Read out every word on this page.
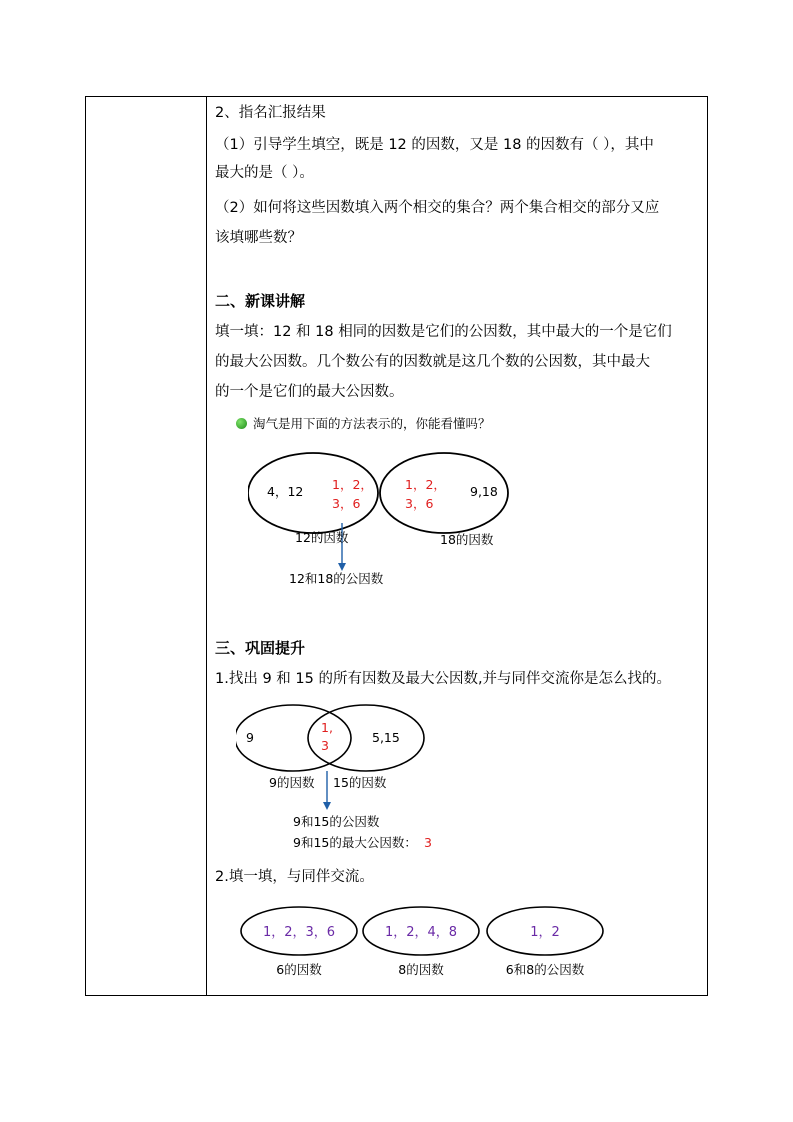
2、指名汇报结果
（1）引导学生填空，既是 12 的因数，又是 18 的因数有（ ），其中
最大的是（ ）。
（2）如何将这些因数填入两个相交的集合？两个集合相交的部分又应
该填哪些数？
二、新课讲解
填一填：12 和 18 相同的因数是它们的公因数，其中最大的一个是它们
的最大公因数。几个数公有的因数就是这几个数的公因数，其中最大
的一个是它们的最大公因数。
淘气是用下面的方法表示的，你能看懂吗？
4，12 1，2，
3，6
1，2，
3，6
9,18
12的因数	18的因数
12和18的公因数
三、巩固提升
1.找出 9 和 15 的所有因数及最大公因数,并与同伴交流你是怎么找的。
9
1,
3
5,15
9的因数 15的因数
9和15的公因数
9和15的最大公因数： 3
2.填一填，与同伴交流。
1，2，3，6	1，2，4，8	1，2
6的因数	8的因数	6和8的公因数
